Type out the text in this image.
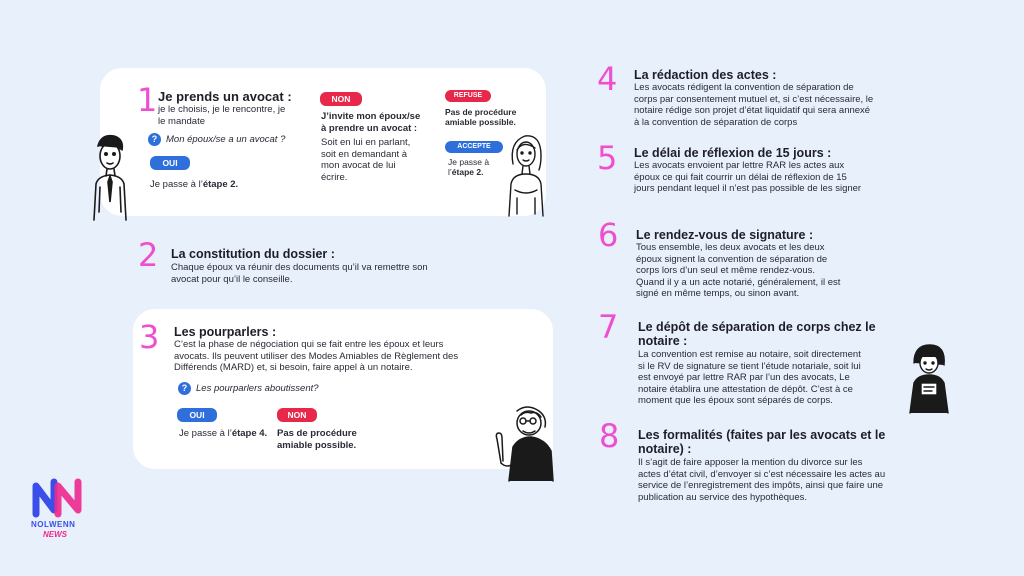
1 Je prends un avocat :
je le choisis, je le rencontre, je
le mandate
? Mon époux/se a un avocat ?
OUI
Je passe à l’étape 2.
NON
J’invite mon époux/se
à prendre un avocat :
Soit en lui en parlant,
soit en demandant à
mon avocat de lui
écrire.
REFUSE
Pas de procédure
amiable possible.
ACCEPTE
Je passe à
l’étape 2.
2 La constitution du dossier :
Chaque époux va réunir des documents qu’il va remettre son
avocat pour qu’il le conseille.
3 Les pourparlers :
C’est la phase de négociation qui se fait entre les époux et leurs
avocats. Ils peuvent utiliser des Modes Amiables de Règlement des
Différends (MARD) et, si besoin, faire appel à un notaire.
? Les pourparlers aboutissent?
OUI
Je passe à l’étape 4.
NON
Pas de procédure
amiable possible.
4 La rédaction des actes :
Les avocats rédigent la convention de séparation de
corps par consentement mutuel et, si c’est nécessaire, le
notaire rédige son projet d’état liquidatif qui sera annexé
à la convention de séparation de corps
5 Le délai de réflexion de 15 jours :
Les avocats envoient par lettre RAR les actes aux
époux ce qui fait courrir un délai de réflexion de 15
jours pendant lequel il n’est pas possible de les signer
6 Le rendez-vous de signature :
Tous ensemble, les deux avocats et les deux
époux signent la convention de séparation de
corps lors d’un seul et même rendez-vous.
Quand il y a un acte notarié, généralement, il est
signé en même temps, ou sinon avant.
7 Le dépôt de séparation de corps chez le
notaire :
La convention est remise au notaire, soit directement
si le RV de signature se tient l’étude notariale, soit lui
est envoyé par lettre RAR par l’un des avocats, Le
notaire établira une attestation de dépôt. C’est à ce
moment que les époux sont séparés de corps.
8 Les formalités (faites par les avocats et le
notaire) :
Il s’agit de faire apposer la mention du divorce sur les
actes d’état civil, d’envoyer si c’est nécessaire les actes au
service de l’enregistrement des impôts, ainsi que faire une
publication au service des hypothèques.
NOLWENN
NEWS
